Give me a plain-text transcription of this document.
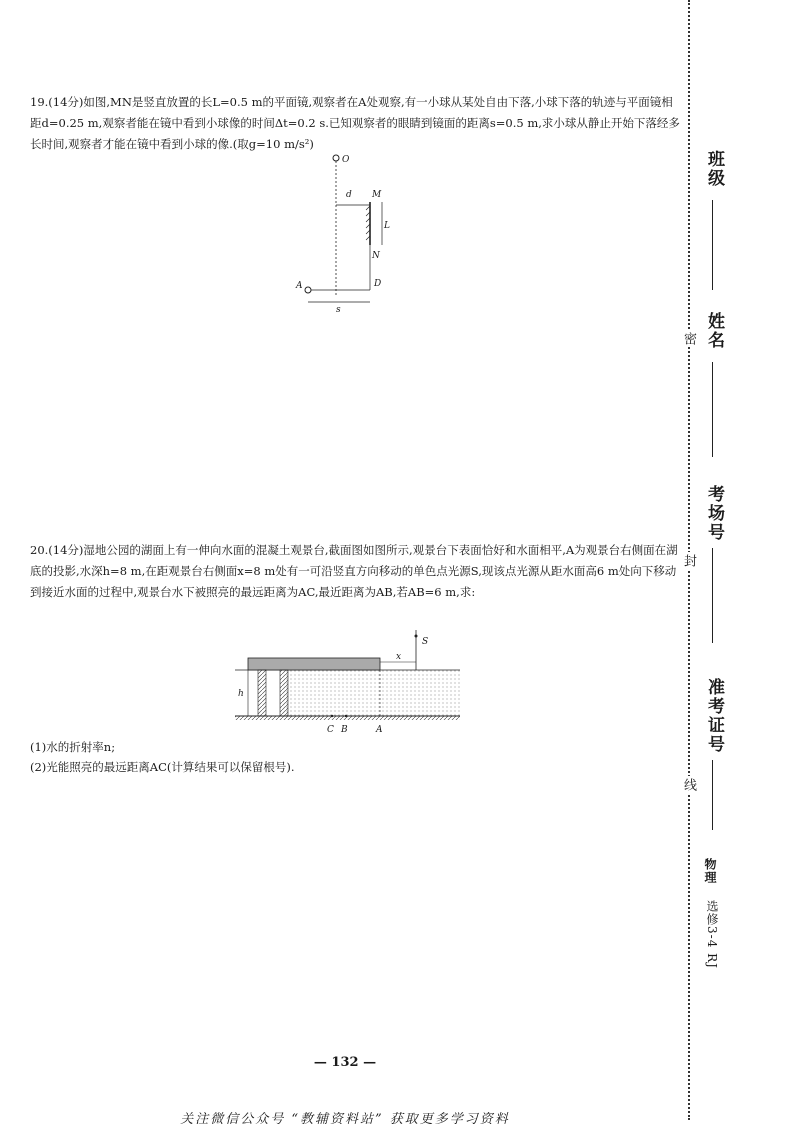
19.(14分)如图,MN是竖直放置的长L=0.5 m的平面镜,观察者在A处观察,有一小球从某处自由下落,小球下落的轨迹与平面镜相距d=0.25 m,观察者能在镜中看到小球像的时间Δt=0.2 s.已知观察者的眼睛到镜面的距离s=0.5 m,求小球从静止开始下落经多长时间,观察者才能在镜中看到小球的像.(取g=10 m/s²)
O
d M
L
N
A	D
s
20.(14分)湿地公园的湖面上有一伸向水面的混凝土观景台,截面图如图所示,观景台下表面恰好和水面相平,A为观景台右侧面在湖底的投影,水深h=8 m,在距观景台右侧面x=8 m处有一可沿竖直方向移动的单色点光源S,现该点光源从距水面高6 m处向下移动到接近水面的过程中,观景台水下被照亮的最远距离为AC,最近距离为AB,若AB=6 m,求:
h
S
x
C B	A
(1)水的折射率n;
(2)光能照亮的最远距离AC(计算结果可以保留根号).
— 132 —
关注微信公众号 “教辅资料站” 获取更多学习资料
班级
姓名
考场号
准考证号
密
封
线
物理
选修3-4 RJ
